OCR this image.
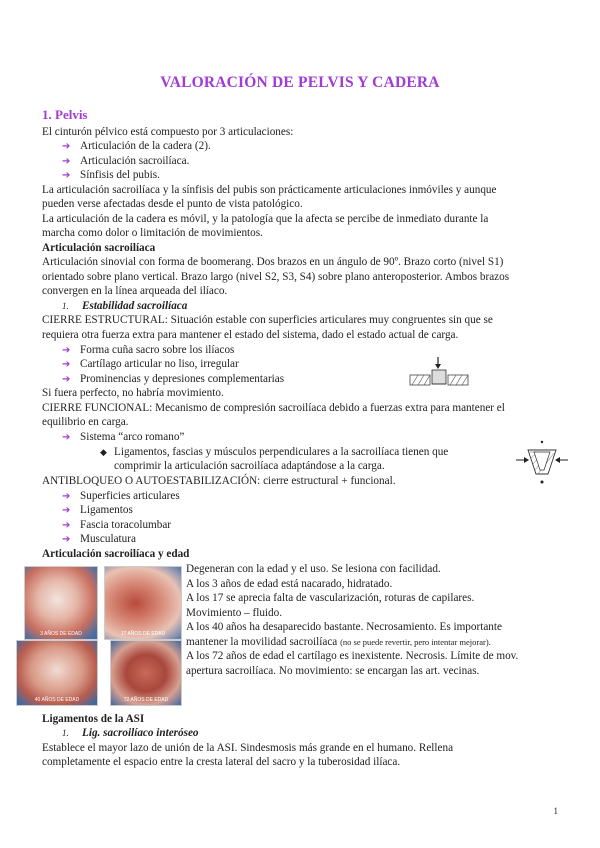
VALORACIÓN DE PELVIS Y CADERA
1. Pelvis
El cinturón pélvico está compuesto por 3 articulaciones:
➔ Articulación de la cadera (2).
➔ Articulación sacroilíaca.
➔ Sínfisis del pubis.
La articulación sacroilíaca y la sínfisis del pubis son prácticamente articulaciones inmóviles y aunque
pueden verse afectadas desde el punto de vista patológico.
La articulación de la cadera es móvil, y la patología que la afecta se percibe de inmediato durante la
marcha como dolor o limitación de movimientos.
Articulación sacroilíaca
Articulación sinovial con forma de boomerang. Dos brazos en un ángulo de 90º. Brazo corto (nivel S1)
orientado sobre plano vertical. Brazo largo (nivel S2, S3, S4) sobre plano anteroposterior. Ambos brazos
convergen en la línea arqueada del ilíaco.
1. Estabilidad sacroilíaca
CIERRE ESTRUCTURAL: Situación estable con superficies articulares muy congruentes sin que se
requiera otra fuerza extra para mantener el estado del sistema, dado el estado actual de carga.
➔ Forma cuña sacro sobre los ilíacos
➔ Cartílago articular no liso, irregular
➔ Prominencias y depresiones complementarias
Si fuera perfecto, no habría movimiento.
CIERRE FUNCIONAL: Mecanismo de compresión sacroilíaca debido a fuerzas extra para mantener el
equilibrio en carga.
➔ Sistema “arco romano”
◆ Ligamentos, fascias y músculos perpendiculares a la sacroilíaca tienen que
comprimir la articulación sacroilíaca adaptándose a la carga.
ANTIBLOQUEO O AUTOESTABILIZACIÓN: cierre estructural + funcional.
➔ Superficies articulares
➔ Ligamentos
➔ Fascia toracolumbar
➔ Musculatura
Articulación sacroilíaca y edad
3 AÑOS DE EDAD	17 AÑOS DE EDAD
40 AÑOS DE EDAD	72 AÑOS DE EDAD
Degeneran con la edad y el uso. Se lesiona con facilidad.
A los 3 años de edad está nacarado, hidratado.
A los 17 se aprecia falta de vascularización, roturas de capilares.
Movimiento – fluido.
A los 40 años ha desaparecido bastante. Necrosamiento. Es importante
mantener la movilidad sacroilíaca (no se puede revertir, pero intentar mejorar).
A los 72 años de edad el cartílago es inexistente. Necrosis. Límite de mov.
apertura sacroilíaca. No movimiento: se encargan las art. vecinas.
Ligamentos de la ASI
1. Lig. sacroilíaco interóseo
Establece el mayor lazo de unión de la ASI. Sindesmosis más grande en el humano. Rellena
completamente el espacio entre la cresta lateral del sacro y la tuberosidad ilíaca.
1
